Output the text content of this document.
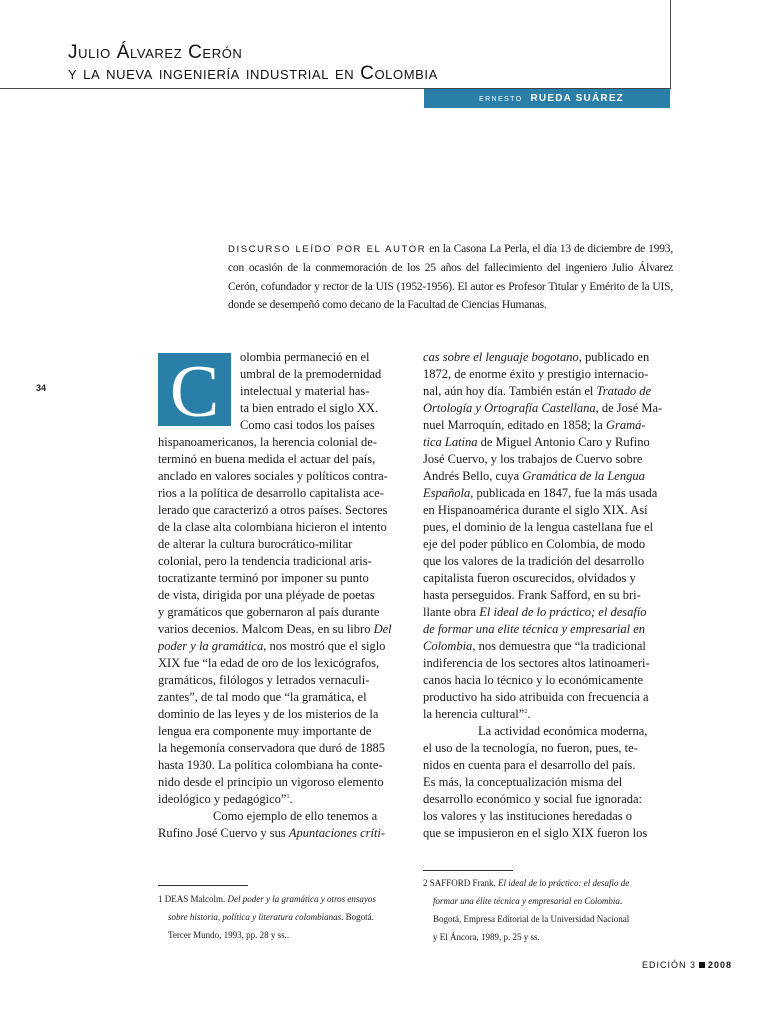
Julio Álvarez Cerón
y la nueva ingeniería industrial en Colombia
ERNESTO RUEDA SUÁREZ
DISCURSO LEÍDO POR EL AUTOR en la Casona La Perla, el día 13 de diciembre de 1993, con ocasión de la conmemoración de los 25 años del fallecimiento del ingeniero Julio Álvarez Cerón, cofundador y rector de la UIS (1952-1956). El autor es Profesor Titular y Emérito de la UIS, donde se desempeñó como decano de la Facultad de Ciencias Humanas.
34 C	olombia permaneció en el
umbral de la premodernidad
intelectual y material has-
ta bien entrado el siglo XX.
Como casi todos los países
hispanoamericanos, la herencia colonial de-
terminó en buena medida el actuar del país,
anclado en valores sociales y políticos contra-
rios a la política de desarrollo capitalista ace-
lerado que caracterizó a otros países. Sectores
de la clase alta colombiana hicieron el intento
de alterar la cultura burocrático-militar
colonial, pero la tendencia tradicional aris-
tocratizante terminó por imponer su punto
de vista, dirigida por una pléyade de poetas
y gramáticos que gobernaron al país durante
varios decenios. Malcom Deas, en su libro Del
poder y la gramática, nos mostró que el siglo
XIX fue “la edad de oro de los lexicógrafos,
gramáticos, filólogos y letrados vernaculi-
zantes”, de tal modo que “la gramática, el
dominio de las leyes y de los misterios de la
lengua era componente muy importante de
la hegemonía conservadora que duró de 1885
hasta 1930. La política colombiana ha conte-
nido desde el principio un vigoroso elemento
ideológico y pedagógico”$^1$.
Como ejemplo de ello tenemos a
Rufino José Cuervo y sus Apuntaciones críti-
cas sobre el lenguaje bogotano, publicado en
1872, de enorme éxito y prestigio internacio-
nal, aún hoy día. También están el Tratado de
Ortología y Ortografía Castellana, de José Ma-
nuel Marroquín, editado en 1858; la Gramá-
tica Latina de Miguel Antonio Caro y Rufino
José Cuervo, y los trabajos de Cuervo sobre
Andrés Bello, cuya Gramática de la Lengua
Española, publicada en 1847, fue la más usada
en Hispanoamérica durante el siglo XIX. Así
pues, el dominio de la lengua castellana fue el
eje del poder público en Colombia, de modo
que los valores de la tradición del desarrollo
capitalista fueron oscurecidos, olvidados y
hasta perseguidos. Frank Safford, en su bri-
llante obra El ideal de lo práctico; el desafío
de formar una elite técnica y empresarial en
Colombia, nos demuestra que “la tradicional
indiferencia de los sectores altos latinoameri-
canos hacia lo técnico y lo económicamente
productivo ha sido atribuida con frecuencia a
la herencia cultural”$^2$.
La actividad económica moderna,
el uso de la tecnología, no fueron, pues, te-
nidos en cuenta para el desarrollo del país.
Es más, la conceptualización misma del
desarrollo económico y social fue ignorada:
los valores y las instituciones heredadas o
que se impusieron en el siglo XIX fueron los
1 DEAS Malcolm. Del poder y la gramática y otros ensayos
sobre historia, política y literatura colombianas. Bogotá.
Tercer Mundo, 1993, pp. 28 y ss..
2 SAFFORD Frank. El ideal de lo práctico: el desafío de
formar una élite técnica y empresarial en Colombia.
Bogotá, Empresa Editorial de la Universidad Nacional
y El Áncora, 1989, p. 25 y ss.
EDICIÓN 3 2008
